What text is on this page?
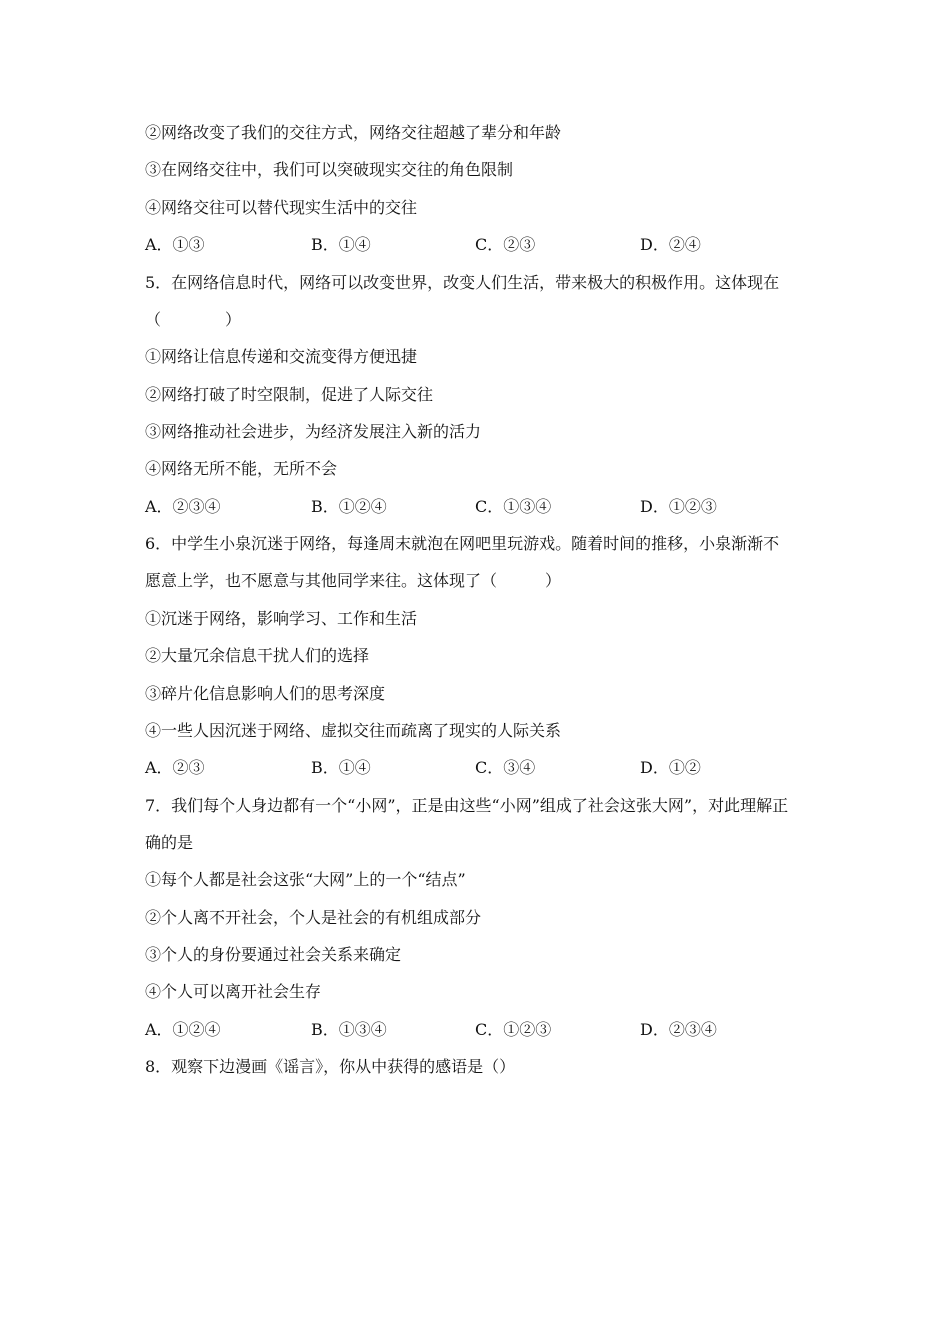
②网络改变了我们的交往方式，网络交往超越了辈分和年龄
③在网络交往中，我们可以突破现实交往的角色限制
④网络交往可以替代现实生活中的交往
A．①③	B．①④	C．②③	D．②④
5．在网络信息时代，网络可以改变世界，改变人们生活，带来极大的积极作用。这体现在
（　　　　）
①网络让信息传递和交流变得方便迅捷
②网络打破了时空限制，促进了人际交往
③网络推动社会进步，为经济发展注入新的活力
④网络无所不能，无所不会
A．②③④	B．①②④	C．①③④	D．①②③
6．中学生小泉沉迷于网络，每逢周末就泡在网吧里玩游戏。随着时间的推移，小泉渐渐不
愿意上学，也不愿意与其他同学来往。这体现了（　　　）
①沉迷于网络，影响学习、工作和生活
②大量冗余信息干扰人们的选择
③碎片化信息影响人们的思考深度
④一些人因沉迷于网络、虚拟交往而疏离了现实的人际关系
A．②③	B．①④	C．③④	D．①②
7．我们每个人身边都有一个“小网”，正是由这些“小网”组成了社会这张大网”，对此理解正
确的是
①每个人都是社会这张“大网”上的一个“结点”
②个人离不开社会，个人是社会的有机组成部分
③个人的身份要通过社会关系来确定
④个人可以离开社会生存
A．①②④	B．①③④	C．①②③	D．②③④
8．观察下边漫画《谣言》，你从中获得的感语是（）
